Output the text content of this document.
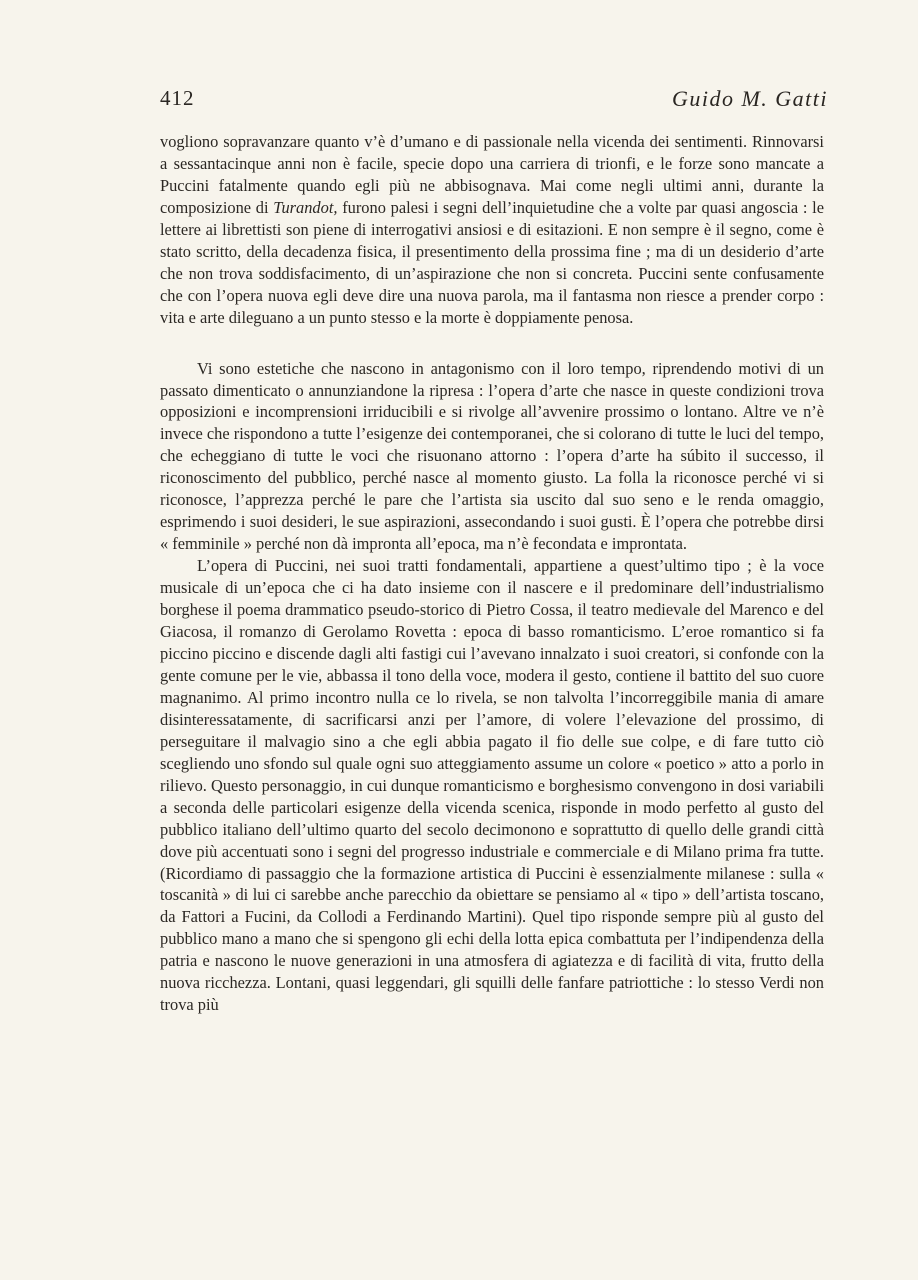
412	Guido M. Gatti

vogliono sopravanzare quanto v’è d’umano e di passionale nella vicenda dei sentimenti. Rinnovarsi a sessantacinque anni non è facile, specie dopo una carriera di trionfi, e le forze sono mancate a Puccini fatalmente quando egli più ne abbisognava. Mai come negli ultimi anni, durante la composizione di Turandot, furono palesi i segni dell’inquietudine che a volte par quasi angoscia : le lettere ai librettisti son piene di interrogativi ansiosi e di esitazioni. E non sempre è il segno, come è stato scritto, della decadenza fisica, il presentimento della prossima fine ; ma di un desiderio d’arte che non trova soddisfacimento, di un’aspirazione che non si concreta. Puccini sente confusamente che con l’opera nuova egli deve dire una nuova parola, ma il fantasma non riesce a prender corpo : vita e arte dileguano a un punto stesso e la morte è doppiamente penosa.

Vi sono estetiche che nascono in antagonismo con il loro tempo, riprendendo motivi di un passato dimenticato o annunziandone la ripresa : l’opera d’arte che nasce in queste condizioni trova opposizioni e incomprensioni irriducibili e si rivolge all’avvenire prossimo o lontano. Altre ve n’è invece che rispondono a tutte l’esigenze dei contemporanei, che si colorano di tutte le luci del tempo, che echeggiano di tutte le voci che risuonano attorno : l’opera d’arte ha súbito il successo, il riconoscimento del pubblico, perché nasce al momento giusto. La folla la riconosce perché vi si riconosce, l’apprezza perché le pare che l’artista sia uscito dal suo seno e le renda omaggio, esprimendo i suoi desideri, le sue aspirazioni, assecondando i suoi gusti. È l’opera che potrebbe dirsi « femminile » perché non dà impronta all’epoca, ma n’è fecondata e improntata.

L’opera di Puccini, nei suoi tratti fondamentali, appartiene a quest’ultimo tipo ; è la voce musicale di un’epoca che ci ha dato insieme con il nascere e il predominare dell’industrialismo borghese il poema drammatico pseudo-storico di Pietro Cossa, il teatro medievale del Marenco e del Giacosa, il romanzo di Gerolamo Rovetta : epoca di basso romanticismo. L’eroe romantico si fa piccino piccino e discende dagli alti fastigi cui l’avevano innalzato i suoi creatori, si confonde con la gente comune per le vie, abbassa il tono della voce, modera il gesto, contiene il battito del suo cuore magnanimo. Al primo incontro nulla ce lo rivela, se non talvolta l’incorreggibile mania di amare disinteressatamente, di sacrificarsi anzi per l’amore, di volere l’elevazione del prossimo, di perseguitare il malvagio sino a che egli abbia pagato il fio delle sue colpe, e di fare tutto ciò scegliendo uno sfondo sul quale ogni suo atteggiamento assume un colore « poetico » atto a porlo in rilievo. Questo personaggio, in cui dunque romanticismo e borghesismo convengono in dosi variabili a seconda delle particolari esigenze della vicenda scenica, risponde in modo perfetto al gusto del pubblico italiano dell’ultimo quarto del secolo decimonono e soprattutto di quello delle grandi città dove più accentuati sono i segni del progresso industriale e commerciale e di Milano prima fra tutte. (Ricordiamo di passaggio che la formazione artistica di Puccini è essenzialmente milanese : sulla « toscanità » di lui ci sarebbe anche parecchio da obiettare se pensiamo al « tipo » dell’artista toscano, da Fattori a Fucini, da Collodi a Ferdinando Martini). Quel tipo risponde sempre più al gusto del pubblico mano a mano che si spengono gli echi della lotta epica combattuta per l’indipendenza della patria e nascono le nuove generazioni in una atmosfera di agiatezza e di facilità di vita, frutto della nuova ricchezza. Lontani, quasi leggendari, gli squilli delle fanfare patriottiche : lo stesso Verdi non trova più
